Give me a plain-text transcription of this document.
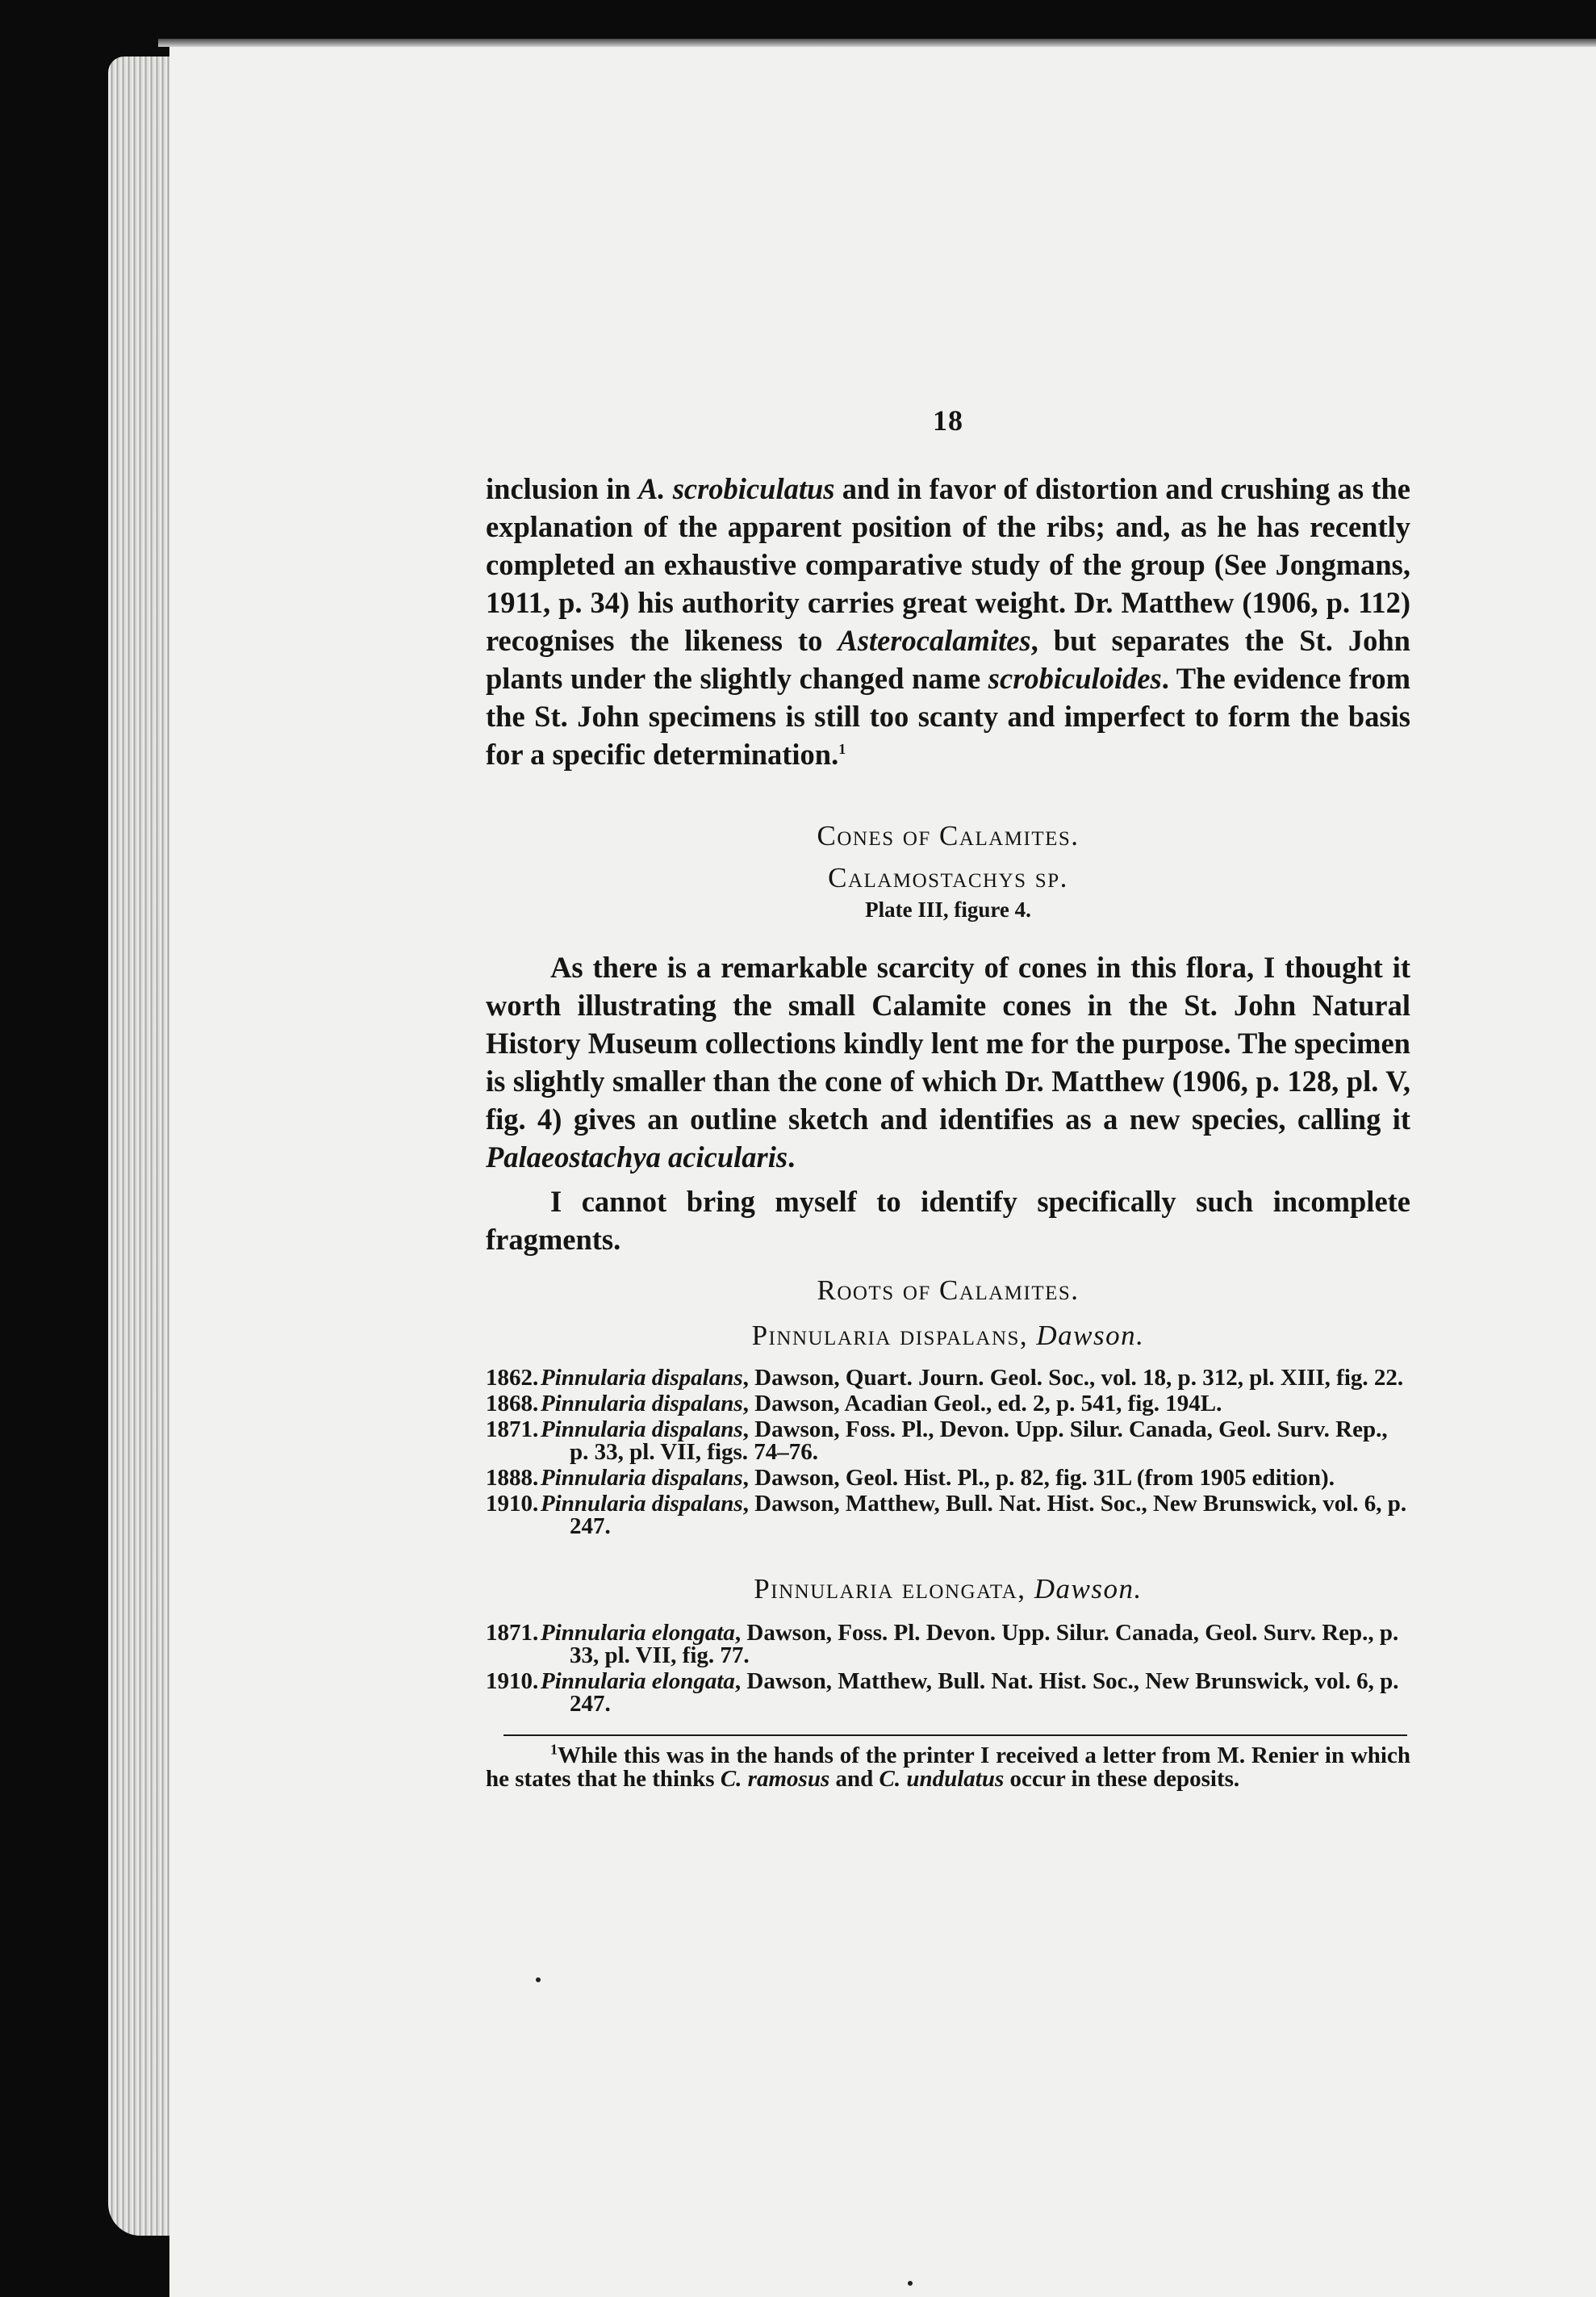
18

inclusion in A. scrobiculatus and in favor of distortion and crushing as the explanation of the apparent position of the ribs; and, as he has recently completed an exhaustive comparative study of the group (See Jongmans, 1911, p. 34) his authority carries great weight. Dr. Matthew (1906, p. 112) recognises the likeness to Asterocalamites, but separates the St. John plants under the slightly changed name scrobiculoides. The evidence from the St. John specimens is still too scanty and imperfect to form the basis for a specific determination.$^1$

Cones of Calamites.
Calamostachys sp.

Plate III, figure 4.

As there is a remarkable scarcity of cones in this flora, I thought it worth illustrating the small Calamite cones in the St. John Natural History Museum collections kindly lent me for the purpose. The specimen is slightly smaller than the cone of which Dr. Matthew (1906, p. 128, pl. V, fig. 4) gives an outline sketch and identifies as a new species, calling it Palaeostachya acicularis.

I cannot bring myself to identify specifically such incomplete fragments.

Roots of Calamites.
Pinnularia dispalans, Dawson.
1862. Pinnularia dispalans, Dawson, Quart. Journ. Geol. Soc., vol. 18, p. 312, pl. XIII, fig. 22.
1868. Pinnularia dispalans, Dawson, Acadian Geol., ed. 2, p. 541, fig. 194L.
1871. Pinnularia dispalans, Dawson, Foss. Pl., Devon. Upp. Silur. Canada, Geol. Surv. Rep., p. 33, pl. VII, figs. 74–76.
1888. Pinnularia dispalans, Dawson, Geol. Hist. Pl., p. 82, fig. 31L (from 1905 edition).
1910. Pinnularia dispalans, Dawson, Matthew, Bull. Nat. Hist. Soc., New Brunswick, vol. 6, p. 247.
Pinnularia elongata, Dawson.
1871. Pinnularia elongata, Dawson, Foss. Pl. Devon. Upp. Silur. Canada, Geol. Surv. Rep., p. 33, pl. VII, fig. 77.
1910. Pinnularia elongata, Dawson, Matthew, Bull. Nat. Hist. Soc., New Brunswick, vol. 6, p. 247.

$^1$While this was in the hands of the printer I received a letter from M. Renier in which he states that he thinks C. ramosus and C. undulatus occur in these deposits.
